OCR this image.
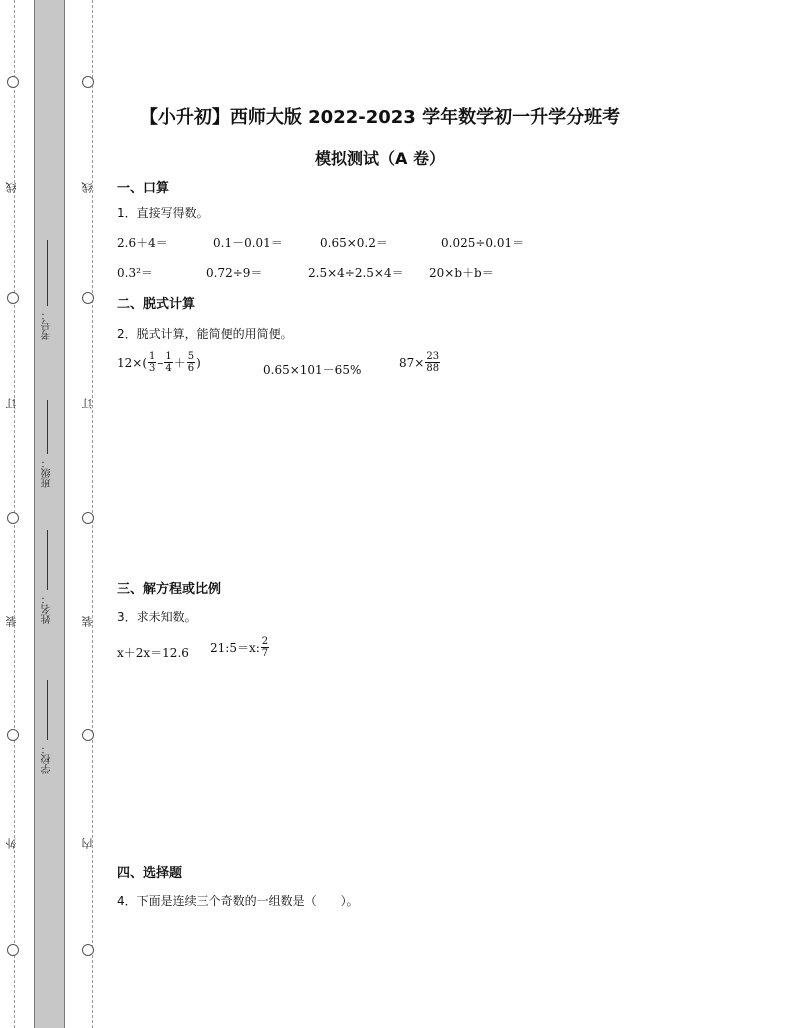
线
订
装
外
线
订
装
内
考号：
班级：
姓名：
学校：
【小升初】西师大版 2022-2023 学年数学初一升学分班考
模拟测试（A 卷）
一、口算
1．直接写得数。
2.6＋4＝	0.1－0.01＝	0.65×0.2＝	0.025÷0.01＝
0.3²＝	0.72÷9＝	2.5×4÷2.5×4＝ 20×b＋b＝
二、脱式计算
2．脱式计算，能简便的用简便。
$12\times( \frac{1}{3} - \frac{1}{4} + \frac{5}{6}$ )
0.65×101－65%
$87\times \frac{23}{88}$
三、解方程或比例
3．求未知数。
x＋2x＝12.6 21:5＝x: $\frac{2}{7}$
四、选择题
4．下面是连续三个奇数的一组数是（　　）。
